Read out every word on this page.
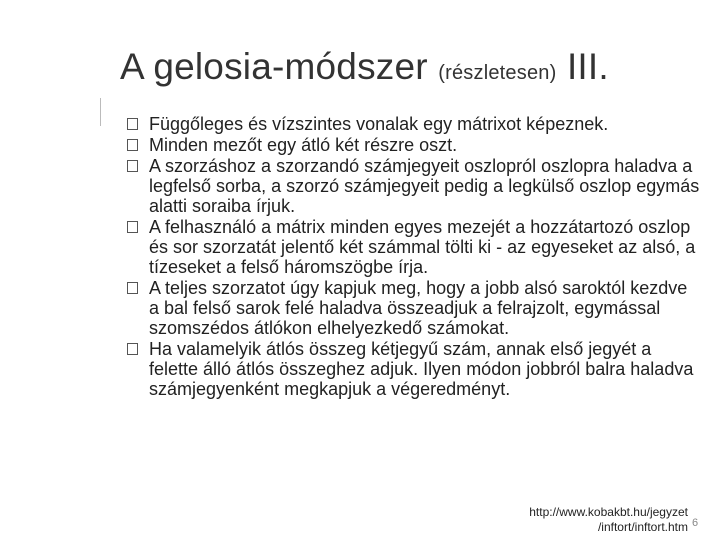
A gelosia-módszer (részletesen) III.
Függőleges és vízszintes vonalak egy mátrixot képeznek.
Minden mezőt egy átló két részre oszt.
A szorzáshoz a szorzandó számjegyeit oszlopról oszlopra haladva a legfelső sorba, a szorzó számjegyeit pedig a legkülső oszlop egymás alatti soraiba írjuk.
A felhasználó a mátrix minden egyes mezejét a hozzátartozó oszlop és sor szorzatát jelentő két számmal tölti ki - az egyeseket az alsó, a tízeseket a felső háromszögbe írja.
A teljes szorzatot úgy kapjuk meg, hogy a jobb alsó saroktól kezdve a bal felső sarok felé haladva összeadjuk a felrajzolt, egymással szomszédos átlókon elhelyezkedő számokat.
Ha valamelyik átlós összeg kétjegyű szám, annak első jegyét a felette álló átlós összeghez adjuk. Ilyen módon jobbról balra haladva számjegyenként megkapjuk a végeredményt.
http://www.kobakbt.hu/jegyzet
/inftort/inftort.htm 6
